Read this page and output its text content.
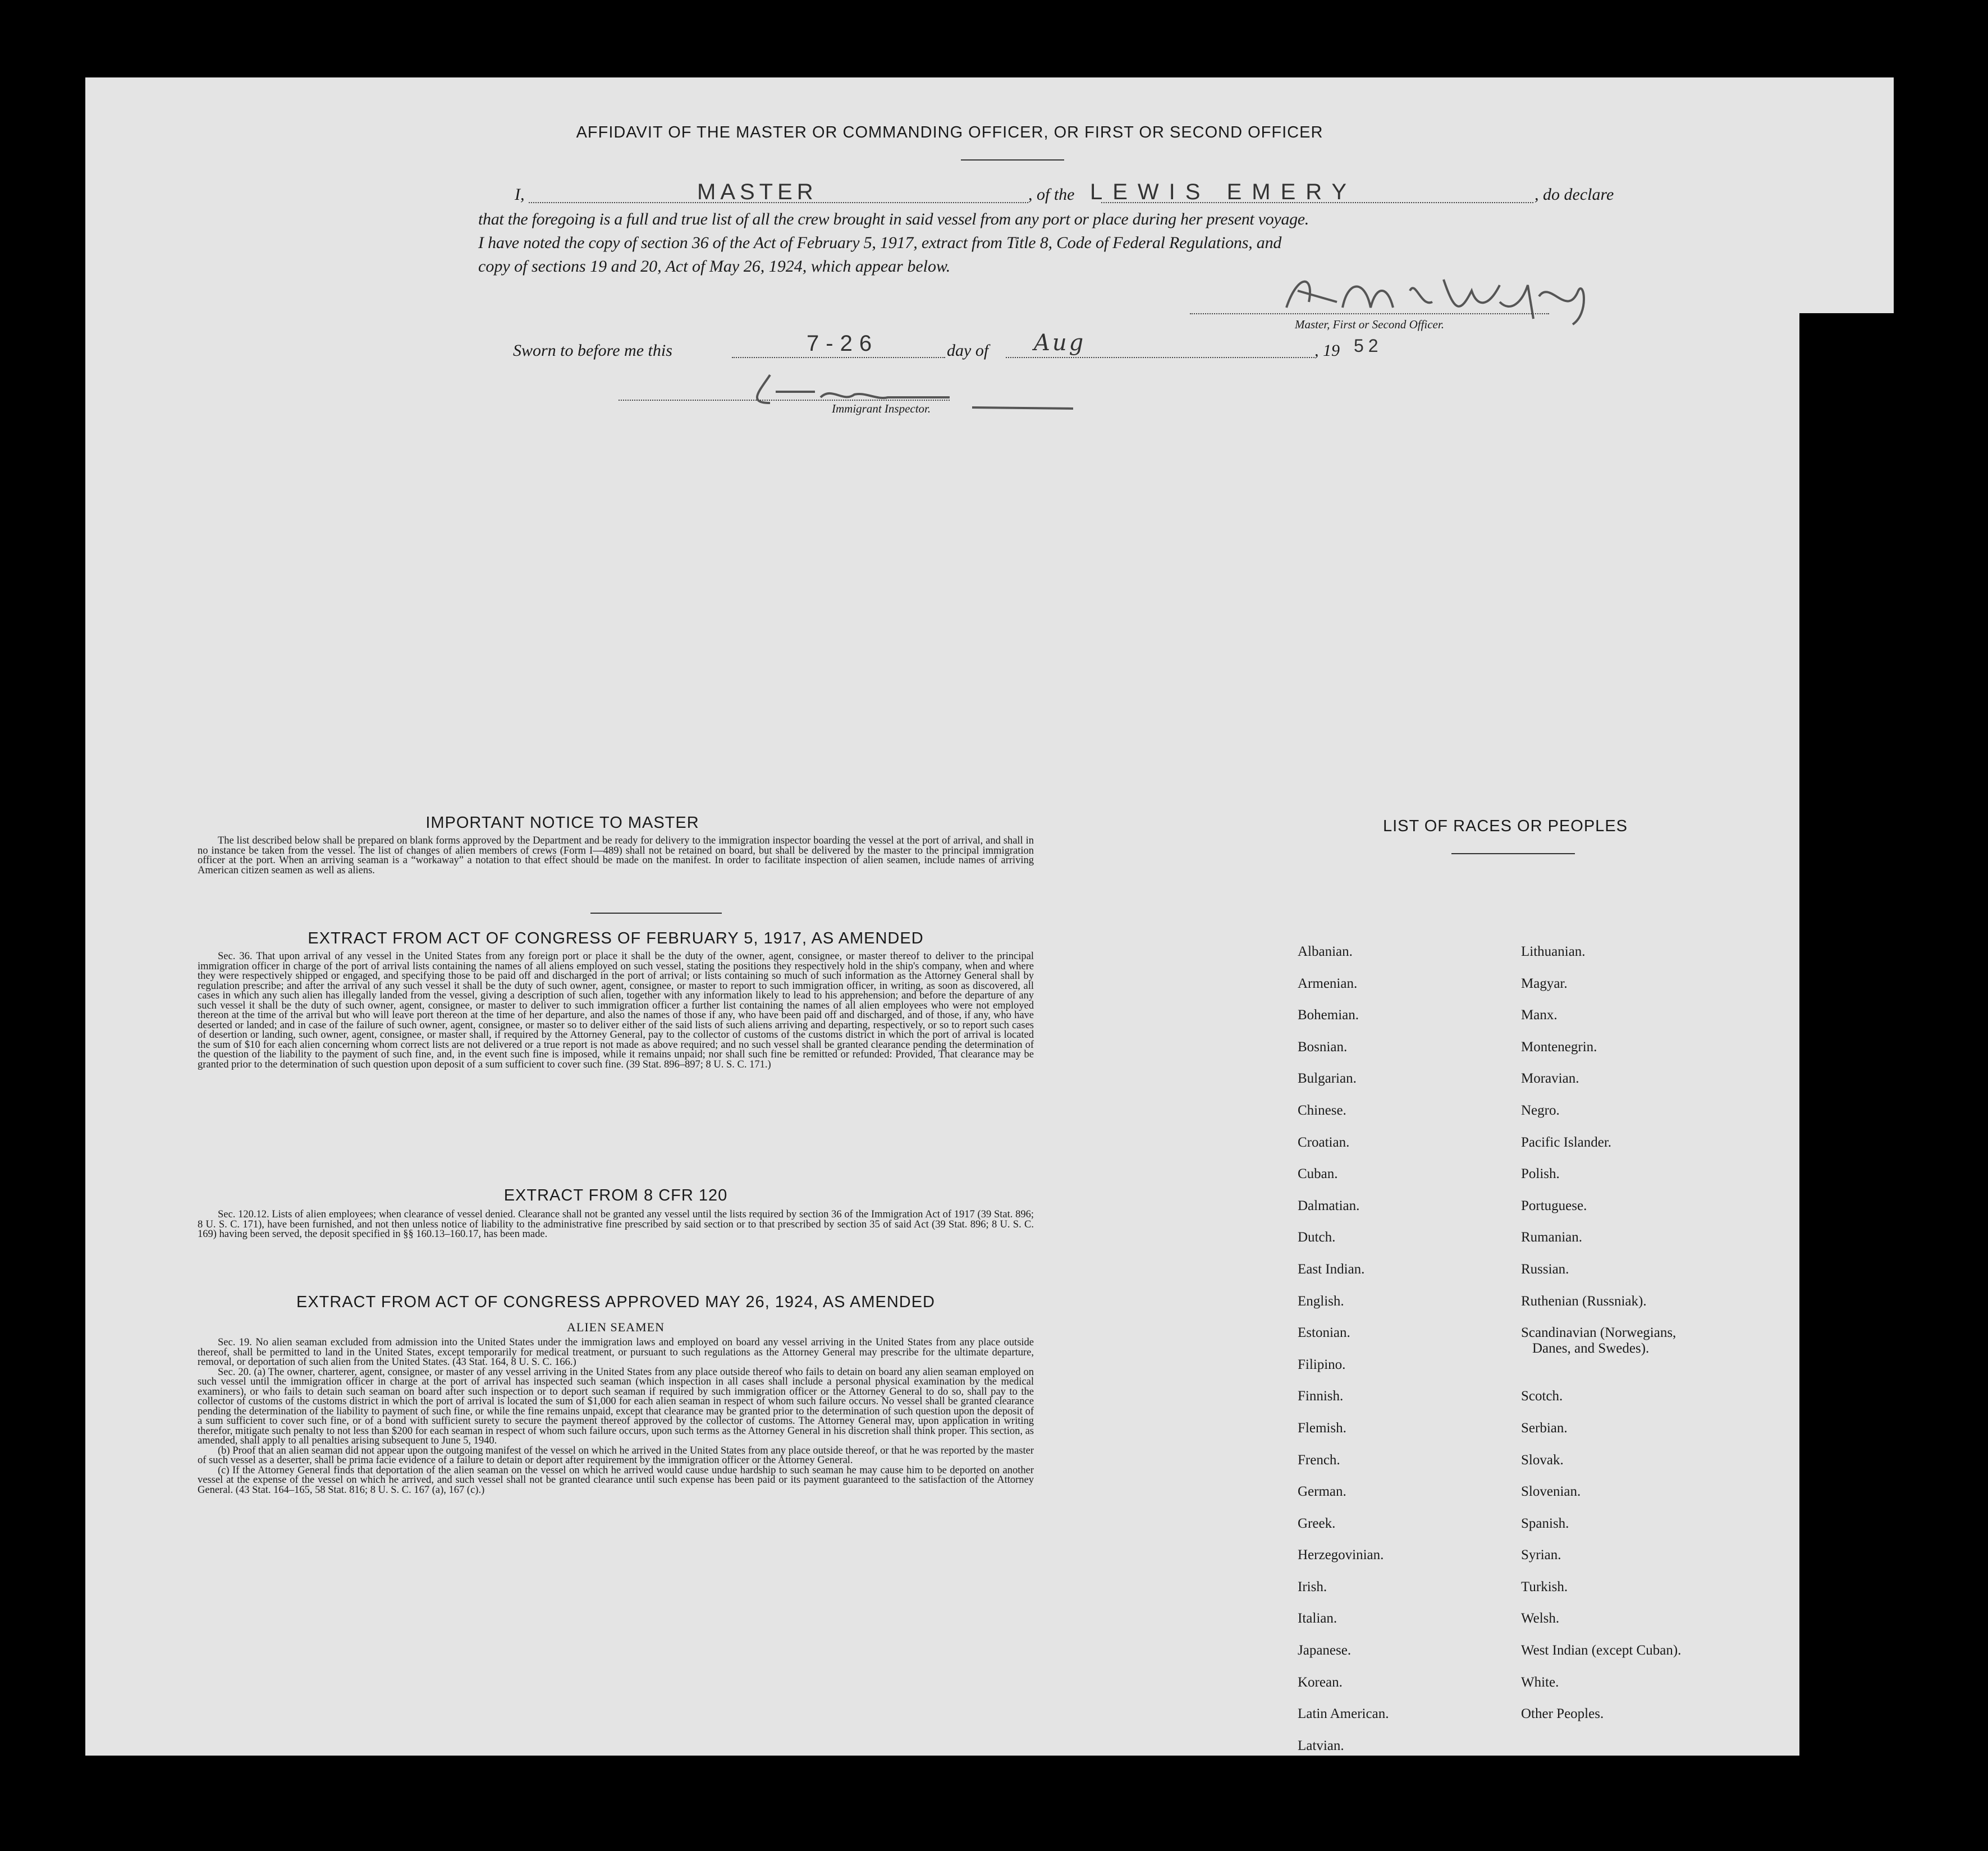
AFFIDAVIT OF THE MASTER OR COMMANDING OFFICER, OR FIRST OR SECOND OFFICER
I,	MASTER	, of the LEWIS EMERY	, do declare
that the foregoing is a full and true list of all the crew brought in said vessel from any port or place during her present voyage.
I have noted the copy of section 36 of the Act of February 5, 1917, extract from Title 8, Code of Federal Regulations, and
copy of sections 19 and 20, Act of May 26, 1924, which appear below.
Master, First or Second Officer.
Sworn to before me this	7-26	day of Aug	, 19 52
Immigrant Inspector.
IMPORTANT NOTICE TO MASTER

The list described below shall be prepared on blank forms approved by the Department and be ready for delivery to the immigration inspector boarding the vessel at the port of arrival, and shall in no instance be taken from the vessel. The list of changes of alien members of crews (Form I—489) shall not be retained on board, but shall be delivered by the master to the principal immigration officer at the port. When an arriving seaman is a “workaway” a notation to that effect should be made on the manifest. In order to facilitate inspection of alien seamen, include names of arriving American citizen seamen as well as aliens.

EXTRACT FROM ACT OF CONGRESS OF FEBRUARY 5, 1917, AS AMENDED

Sec. 36. That upon arrival of any vessel in the United States from any foreign port or place it shall be the duty of the owner, agent, consignee, or master thereof to deliver to the principal immigration officer in charge of the port of arrival lists containing the names of all aliens employed on such vessel, stating the positions they respectively hold in the ship's company, when and where they were respectively shipped or engaged, and specifying those to be paid off and discharged in the port of arrival; or lists containing so much of such information as the Attorney General shall by regulation prescribe; and after the arrival of any such vessel it shall be the duty of such owner, agent, consignee, or master to report to such immigration officer, in writing, as soon as discovered, all cases in which any such alien has illegally landed from the vessel, giving a description of such alien, together with any information likely to lead to his apprehension; and before the departure of any such vessel it shall be the duty of such owner, agent, consignee, or master to deliver to such immigration officer a further list containing the names of all alien employees who were not employed thereon at the time of the arrival but who will leave port thereon at the time of her departure, and also the names of those if any, who have been paid off and discharged, and of those, if any, who have deserted or landed; and in case of the failure of such owner, agent, consignee, or master so to deliver either of the said lists of such aliens arriving and departing, respectively, or so to report such cases of desertion or landing, such owner, agent, consignee, or master shall, if required by the Attorney General, pay to the collector of customs of the customs district in which the port of arrival is located the sum of $10 for each alien concerning whom correct lists are not delivered or a true report is not made as above required; and no such vessel shall be granted clearance pending the determination of the question of the liability to the payment of such fine, and, in the event such fine is imposed, while it remains unpaid; nor shall such fine be remitted or refunded: Provided, That clearance may be granted prior to the determination of such question upon deposit of a sum sufficient to cover such fine. (39 Stat. 896–897; 8 U. S. C. 171.)

EXTRACT FROM 8 CFR 120

Sec. 120.12. Lists of alien employees; when clearance of vessel denied. Clearance shall not be granted any vessel until the lists required by section 36 of the Immigration Act of 1917 (39 Stat. 896; 8 U. S. C. 171), have been furnished, and not then unless notice of liability to the administrative fine prescribed by said section or to that prescribed by section 35 of said Act (39 Stat. 896; 8 U. S. C. 169) having been served, the deposit specified in §§ 160.13–160.17, has been made.

EXTRACT FROM ACT OF CONGRESS APPROVED MAY 26, 1924, AS AMENDED
ALIEN SEAMEN

Sec. 19. No alien seaman excluded from admission into the United States under the immigration laws and employed on board any vessel arriving in the United States from any place outside thereof, shall be permitted to land in the United States, except temporarily for medical treatment, or pursuant to such regulations as the Attorney General may prescribe for the ultimate departure, removal, or deportation of such alien from the United States. (43 Stat. 164, 8 U. S. C. 166.)

Sec. 20. (a) The owner, charterer, agent, consignee, or master of any vessel arriving in the United States from any place outside thereof who fails to detain on board any alien seaman employed on such vessel until the immigration officer in charge at the port of arrival has inspected such seaman (which inspection in all cases shall include a personal physical examination by the medical examiners), or who fails to detain such seaman on board after such inspection or to deport such seaman if required by such immigration officer or the Attorney General to do so, shall pay to the collector of customs of the customs district in which the port of arrival is located the sum of $1,000 for each alien seaman in respect of whom such failure occurs. No vessel shall be granted clearance pending the determination of the liability to payment of such fine, or while the fine remains unpaid, except that clearance may be granted prior to the determination of such question upon the deposit of a sum sufficient to cover such fine, or of a bond with sufficient surety to secure the payment thereof approved by the collector of customs. The Attorney General may, upon application in writing therefor, mitigate such penalty to not less than $200 for each seaman in respect of whom such failure occurs, upon such terms as the Attorney General in his discretion shall think proper. This section, as amended, shall apply to all penalties arising subsequent to June 5, 1940.

(b) Proof that an alien seaman did not appear upon the outgoing manifest of the vessel on which he arrived in the United States from any place outside thereof, or that he was reported by the master of such vessel as a deserter, shall be prima facie evidence of a failure to detain or deport after requirement by the immigration officer or the Attorney General.

(c) If the Attorney General finds that deportation of the alien seaman on the vessel on which he arrived would cause undue hardship to such seaman he may cause him to be deported on another vessel at the expense of the vessel on which he arrived, and such vessel shall not be granted clearance until such expense has been paid or its payment guaranteed to the satisfaction of the Attorney General. (43 Stat. 164–165, 58 Stat. 816; 8 U. S. C. 167 (a), 167 (c).)

LIST OF RACES OR PEOPLES
Albanian.
Armenian.
Bohemian.
Bosnian.
Bulgarian.
Chinese.
Croatian.
Cuban.
Dalmatian.
Dutch.
East Indian.
English.
Estonian.
Filipino.
Finnish.
Flemish.
French.
German.
Greek.
Herzegovinian.
Irish.
Italian.
Japanese.
Korean.
Latin American.
Latvian.
Lithuanian.
Magyar.
Manx.
Montenegrin.
Moravian.
Negro.
Pacific Islander.
Polish.
Portuguese.
Rumanian.
Russian.
Ruthenian (Russniak).
Scandinavian (Norwegians,
Danes, and Swedes).
Scotch.
Serbian.
Slovak.
Slovenian.
Spanish.
Syrian.
Turkish.
Welsh.
West Indian (except Cuban).
White.
Other Peoples.
